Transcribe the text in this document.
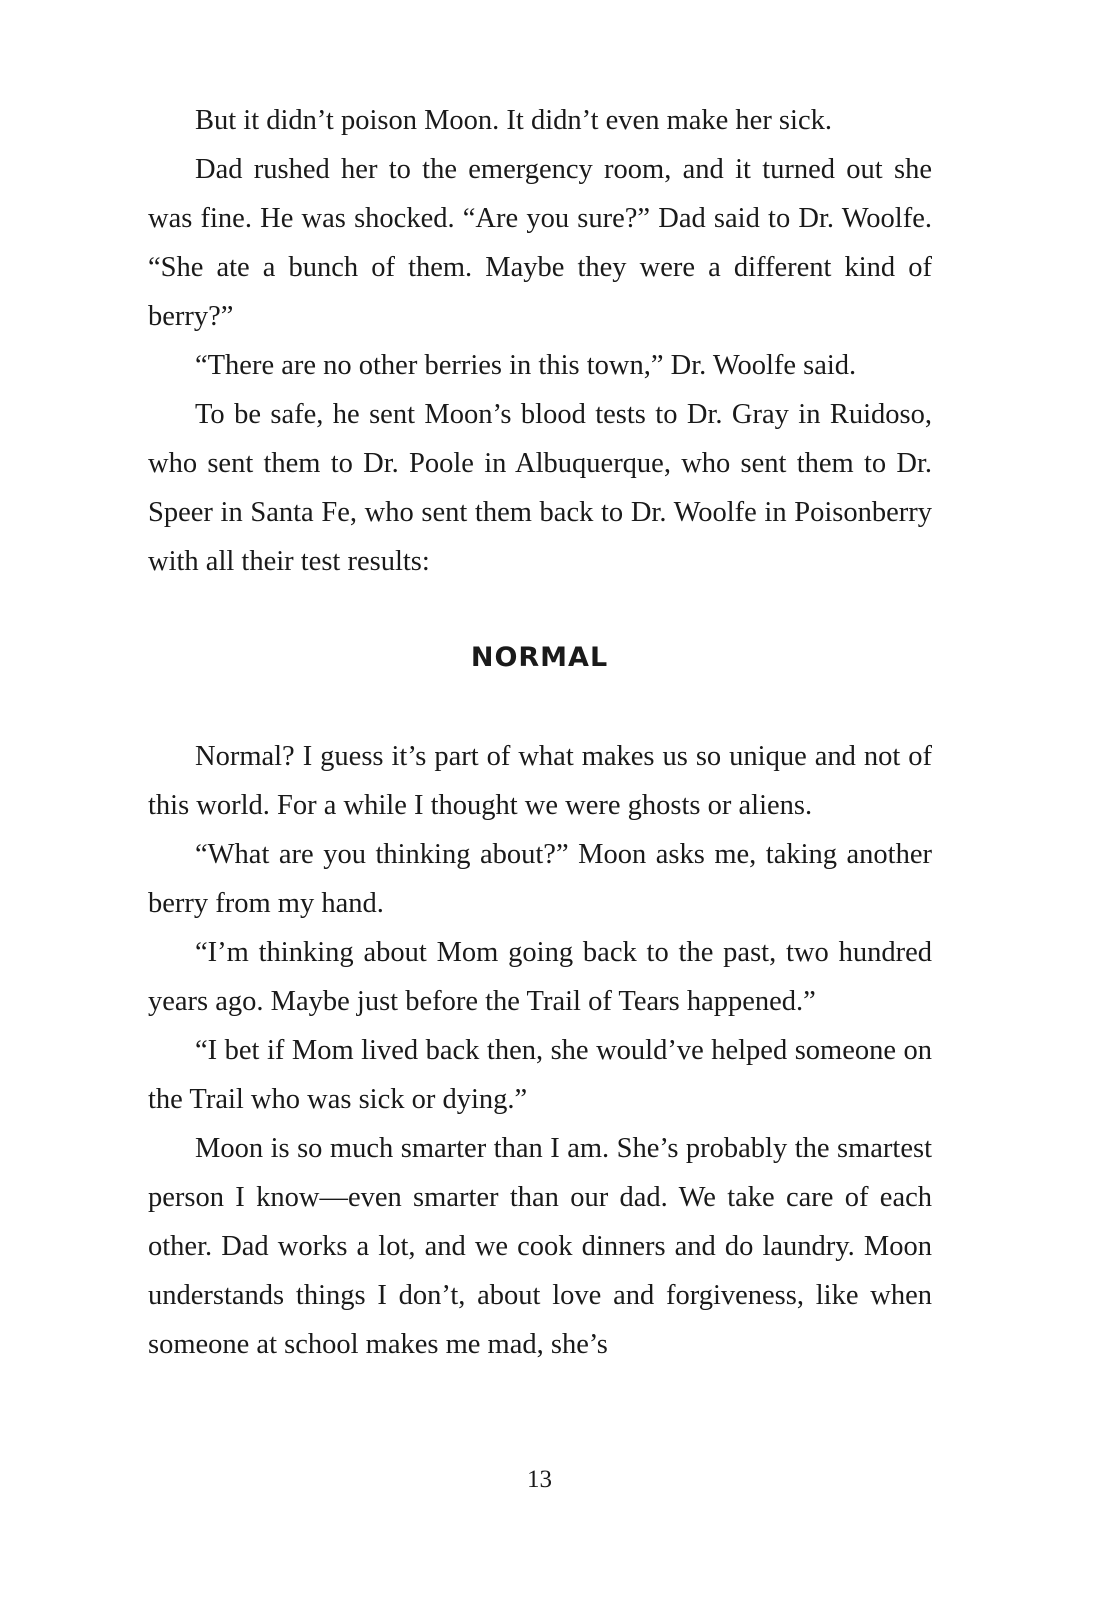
But it didn’t poison Moon. It didn’t even make her sick.

Dad rushed her to the emergency room, and it turned out she was fine. He was shocked. “Are you sure?” Dad said to Dr. Woolfe. “She ate a bunch of them. Maybe they were a different kind of berry?”

“There are no other berries in this town,” Dr. Woolfe said.

To be safe, he sent Moon’s blood tests to Dr. Gray in Ruidoso, who sent them to Dr. Poole in Albuquerque, who sent them to Dr. Speer in Santa Fe, who sent them back to Dr. Woolfe in Poisonberry with all their test results:

NORMAL

Normal? I guess it’s part of what makes us so unique and not of this world. For a while I thought we were ghosts or aliens.

“What are you thinking about?” Moon asks me, taking another berry from my hand.

“I’m thinking about Mom going back to the past, two hundred years ago. Maybe just before the Trail of Tears happened.”

“I bet if Mom lived back then, she would’ve helped someone on the Trail who was sick or dying.”

Moon is so much smarter than I am. She’s probably the smartest person I know—even smarter than our dad. We take care of each other. Dad works a lot, and we cook dinners and do laundry. Moon understands things I don’t, about love and forgiveness, like when someone at school makes me mad, she’s

13
